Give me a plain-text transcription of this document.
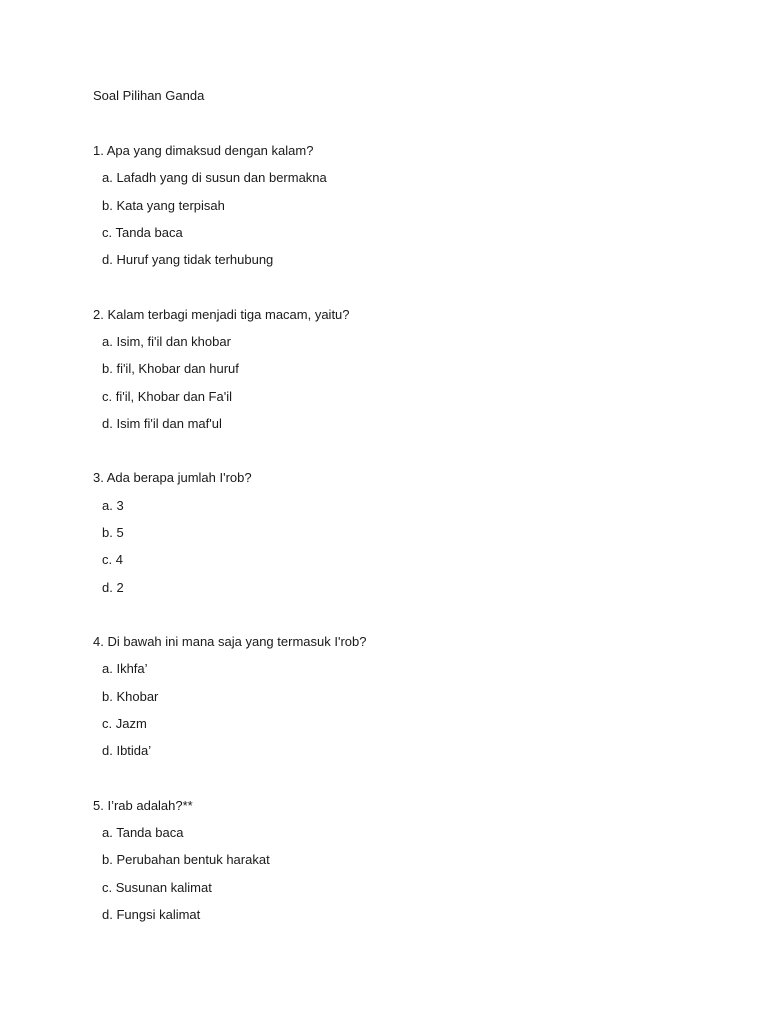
Soal Pilihan Ganda
1. Apa yang dimaksud dengan kalam?
a. Lafadh yang di susun dan bermakna
b. Kata yang terpisah
c. Tanda baca
d. Huruf yang tidak terhubung
2. Kalam terbagi menjadi tiga macam, yaitu?
a. Isim, fi'il dan khobar
b. fi'il, Khobar dan huruf
c. fi'il, Khobar dan Fa'il
d. Isim fi'il dan maf'ul
3. Ada berapa jumlah I'rob?
a. 3
b. 5
c. 4
d. 2
4. Di bawah ini mana saja yang termasuk I'rob?
a. Ikhfa’
b. Khobar
c. Jazm
d. Ibtida’
5. I’rab adalah?**
a. Tanda baca
b. Perubahan bentuk harakat
c. Susunan kalimat
d. Fungsi kalimat
